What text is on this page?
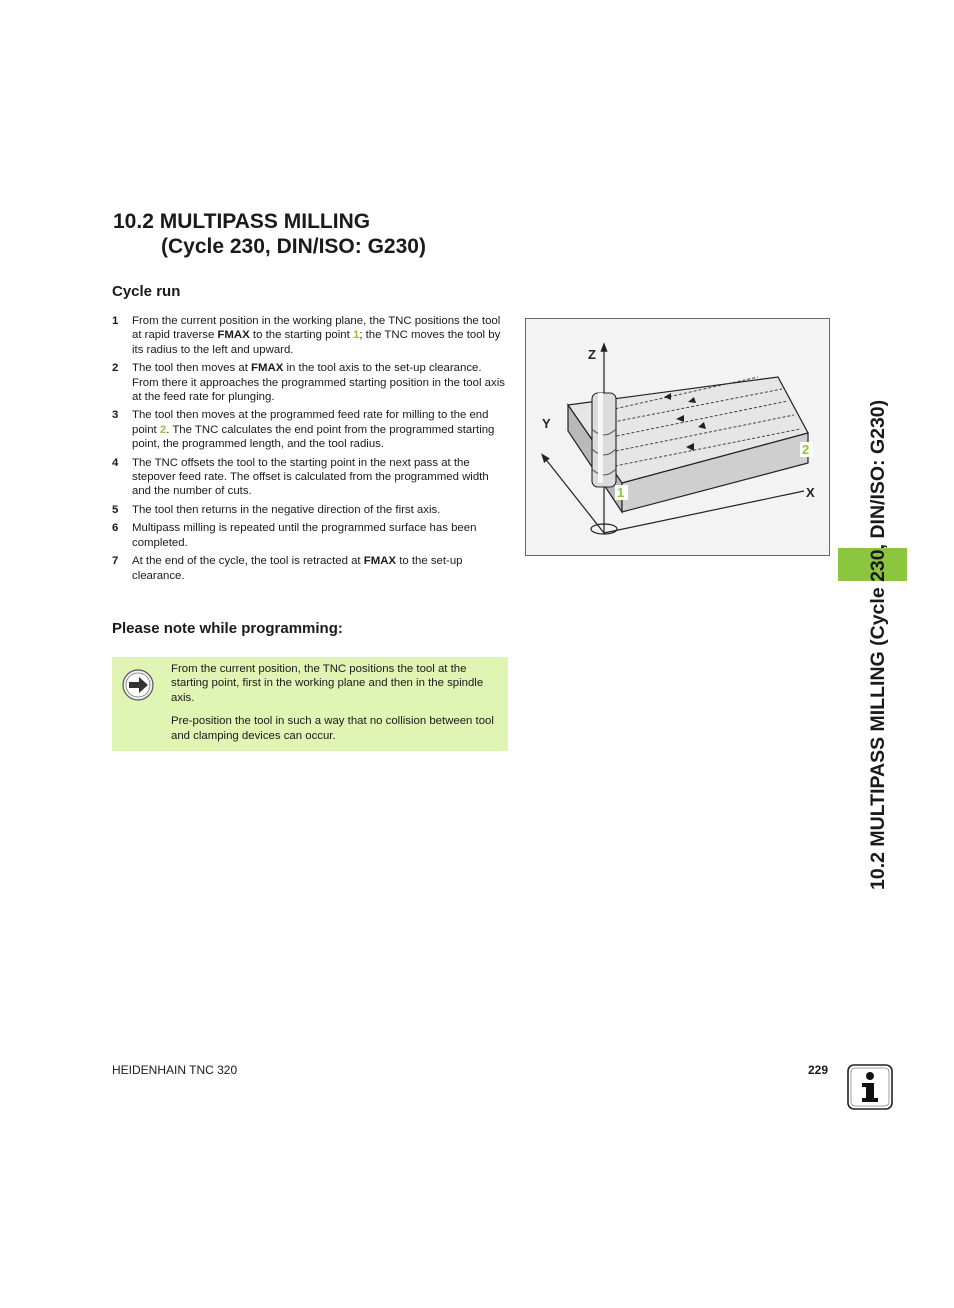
10.2 MULTIPASS MILLING
(Cycle 230, DIN/ISO: G230)
Cycle run
1 From the current position in the working plane, the TNC positions the tool at rapid traverse FMAX to the starting point 1; the TNC moves the tool by its radius to the left and upward.
2 The tool then moves at FMAX in the tool axis to the set-up clearance. From there it approaches the programmed starting position in the tool axis at the feed rate for plunging.
3 The tool then moves at the programmed feed rate for milling to the end point 2. The TNC calculates the end point from the programmed starting point, the programmed length, and the tool radius.
4 The TNC offsets the tool to the starting point in the next pass at the stepover feed rate. The offset is calculated from the programmed width and the number of cuts.
5 The tool then returns in the negative direction of the first axis.
6 Multipass milling is repeated until the programmed surface has been completed.
7 At the end of the cycle, the tool is retracted at FMAX to the set-up clearance.
Z
Y
X
1
2
Please note while programming:

From the current position, the TNC positions the tool at the starting point, first in the working plane and then in the spindle axis.

Pre-position the tool in such a way that no collision between tool and clamping devices can occur.	10.2 MULTIPASS MILLING (Cycle 230, DIN/ISO: G230)
HEIDENHAIN TNC 320	229
